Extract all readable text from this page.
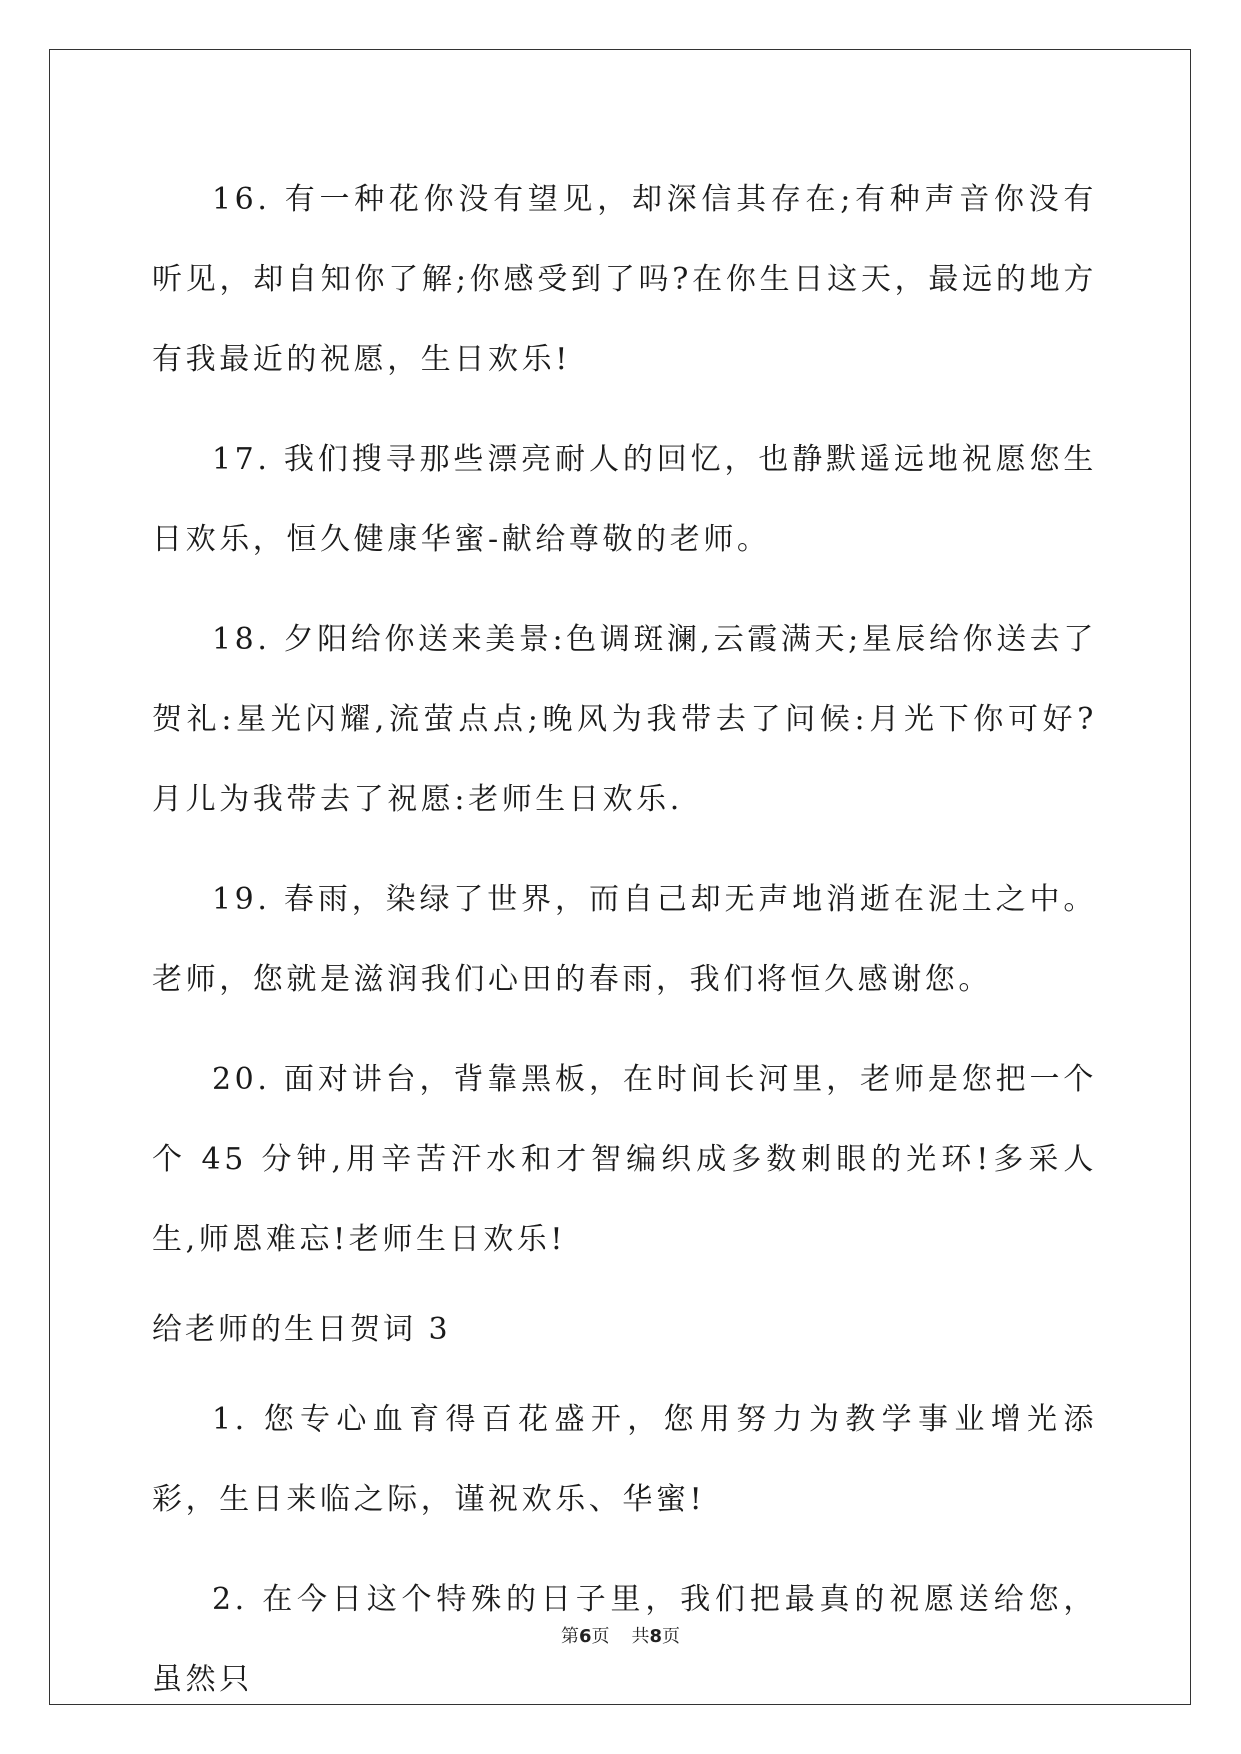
16. 有一种花你没有望见，却深信其存在;有种声音你没有听见，却自知你了解;你感受到了吗?在你生日这天，最远的地方有我最近的祝愿，生日欢乐!

17. 我们搜寻那些漂亮耐人的回忆，也静默遥远地祝愿您生日欢乐，恒久健康华蜜-献给尊敬的老师。

18. 夕阳给你送来美景:色调斑澜,云霞满天;星辰给你送去了贺礼:星光闪耀,流萤点点;晚风为我带去了问候:月光下你可好?月儿为我带去了祝愿:老师生日欢乐.

19. 春雨，染绿了世界，而自己却无声地消逝在泥土之中。老师，您就是滋润我们心田的春雨，我们将恒久感谢您。

20. 面对讲台，背靠黑板，在时间长河里，老师是您把一个个 45 分钟,用辛苦汗水和才智编织成多数刺眼的光环!多采人生,师恩难忘!老师生日欢乐!

给老师的生日贺词 3

1. 您专心血育得百花盛开，您用努力为教学事业增光添彩，生日来临之际，谨祝欢乐、华蜜!

2. 在今日这个特殊的日子里，我们把最真的祝愿送给您，虽然只

第6页 共8页
